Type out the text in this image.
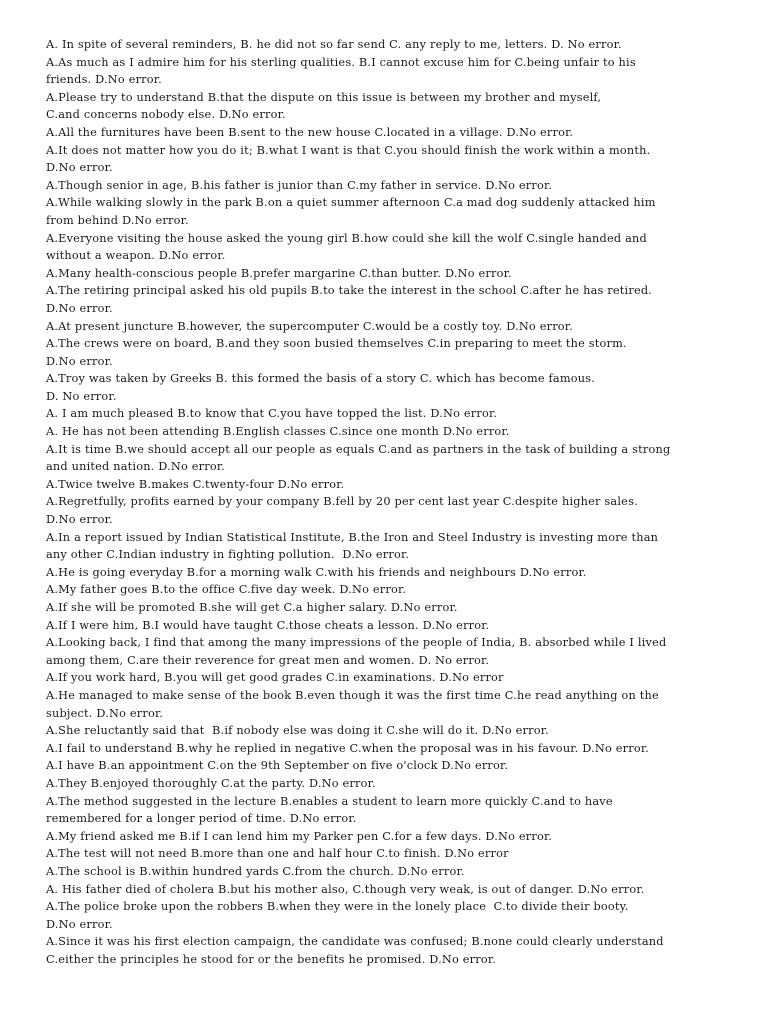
A. In spite of several reminders, B. he did not so far send C. any reply to me, letters. D. No error.
A.As much as I admire him for his sterling qualities. B.I cannot excuse him for C.being unfair to his
friends. D.No error.
A.Please try to understand B.that the dispute on this issue is between my brother and myself,
C.and concerns nobody else. D.No error.
A.All the furnitures have been B.sent to the new house C.located in a village. D.No error.
A.It does not matter how you do it; B.what I want is that C.you should finish the work within a month.
D.No error.
A.Though senior in age, B.his father is junior than C.my father in service. D.No error.
A.While walking slowly in the park B.on a quiet summer afternoon C.a mad dog suddenly attacked him
from behind D.No error.
A.Everyone visiting the house asked the young girl B.how could she kill the wolf C.single handed and
without a weapon. D.No error.
A.Many health-conscious people B.prefer margarine C.than butter. D.No error.
A.The retiring principal asked his old pupils B.to take the interest in the school C.after he has retired.
D.No error.
A.At present juncture B.however, the supercomputer C.would be a costly toy. D.No error.
A.The crews were on board, B.and they soon busied themselves C.in preparing to meet the storm.
D.No error.
A.Troy was taken by Greeks B. this formed the basis of a story C. which has become famous.
D. No error.
A. I am much pleased B.to know that C.you have topped the list. D.No error.
A. He has not been attending B.English classes C.since one month D.No error.
A.It is time B.we should accept all our people as equals C.and as partners in the task of building a strong
and united nation. D.No error.
A.Twice twelve B.makes C.twenty-four D.No error.
A.Regretfully, profits earned by your company B.fell by 20 per cent last year C.despite higher sales.
D.No error.
A.In a report issued by Indian Statistical Institute, B.the Iron and Steel Industry is investing more than
any other C.Indian industry in fighting pollution.  D.No error.
A.He is going everyday B.for a morning walk C.with his friends and neighbours D.No error.
A.My father goes B.to the office C.five day week. D.No error.
A.If she will be promoted B.she will get C.a higher salary. D.No error.
A.If I were him, B.I would have taught C.those cheats a lesson. D.No error.
A.Looking back, I find that among the many impressions of the people of India, B. absorbed while I lived
among them, C.are their reverence for great men and women. D. No error.
A.If you work hard, B.you will get good grades C.in examinations. D.No error
A.He managed to make sense of the book B.even though it was the first time C.he read anything on the
subject. D.No error.
A.She reluctantly said that  B.if nobody else was doing it C.she will do it. D.No error.
A.I fail to understand B.why he replied in negative C.when the proposal was in his favour. D.No error.
A.I have B.an appointment C.on the 9th September on five o'clock D.No error.
A.They B.enjoyed thoroughly C.at the party. D.No error.
A.The method suggested in the lecture B.enables a student to learn more quickly C.and to have
remembered for a longer period of time. D.No error.
A.My friend asked me B.if I can lend him my Parker pen C.for a few days. D.No error.
A.The test will not need B.more than one and half hour C.to finish. D.No error
A.The school is B.within hundred yards C.from the church. D.No error.
A. His father died of cholera B.but his mother also, C.though very weak, is out of danger. D.No error.
A.The police broke upon the robbers B.when they were in the lonely place  C.to divide their booty.
D.No error.
A.Since it was his first election campaign, the candidate was confused; B.none could clearly understand
C.either the principles he stood for or the benefits he promised. D.No error.
